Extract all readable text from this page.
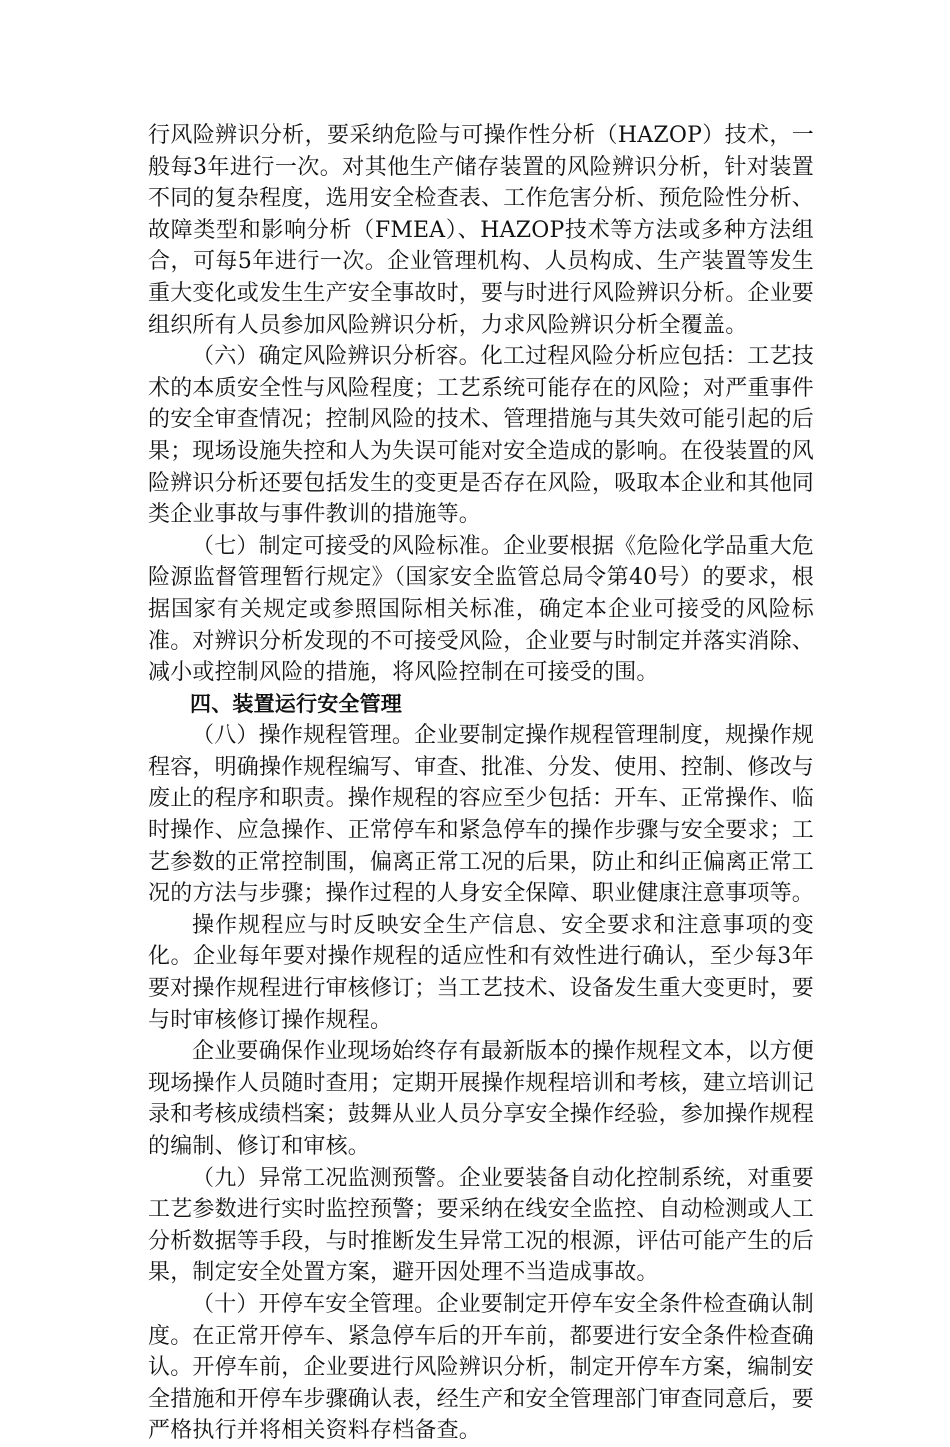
行风险辨识分析，要采纳危险与可操作性分析（HAZOP）技术，一般每3年进行一次。对其他生产储存装置的风险辨识分析，针对装置不同的复杂程度，选用安全检查表、工作危害分析、预危险性分析、故障类型和影响分析（FMEA）、HAZOP技术等方法或多种方法组合，可每5年进行一次。企业管理机构、人员构成、生产装置等发生重大变化或发生生产安全事故时，要与时进行风险辨识分析。企业要组织所有人员参加风险辨识分析，力求风险辨识分析全覆盖。

（六）确定风险辨识分析容。化工过程风险分析应包括：工艺技术的本质安全性与风险程度；工艺系统可能存在的风险；对严重事件的安全审查情况；控制风险的技术、管理措施与其失效可能引起的后果；现场设施失控和人为失误可能对安全造成的影响。在役装置的风险辨识分析还要包括发生的变更是否存在风险，吸取本企业和其他同类企业事故与事件教训的措施等。

（七）制定可接受的风险标准。企业要根据《危险化学品重大危险源监督管理暂行规定》（国家安全监管总局令第40号）的要求，根据国家有关规定或参照国际相关标准，确定本企业可接受的风险标准。对辨识分析发现的不可接受风险，企业要与时制定并落实消除、减小或控制风险的措施，将风险控制在可接受的围。

四、装置运行安全管理

（八）操作规程管理。企业要制定操作规程管理制度，规操作规程容，明确操作规程编写、审查、批准、分发、使用、控制、修改与废止的程序和职责。操作规程的容应至少包括：开车、正常操作、临时操作、应急操作、正常停车和紧急停车的操作步骤与安全要求；工艺参数的正常控制围，偏离正常工况的后果，防止和纠正偏离正常工况的方法与步骤；操作过程的人身安全保障、职业健康注意事项等。

操作规程应与时反映安全生产信息、安全要求和注意事项的变化。企业每年要对操作规程的适应性和有效性进行确认，至少每3年要对操作规程进行审核修订；当工艺技术、设备发生重大变更时，要与时审核修订操作规程。

企业要确保作业现场始终存有最新版本的操作规程文本，以方便现场操作人员随时查用；定期开展操作规程培训和考核，建立培训记录和考核成绩档案；鼓舞从业人员分享安全操作经验，参加操作规程的编制、修订和审核。

（九）异常工况监测预警。企业要装备自动化控制系统，对重要工艺参数进行实时监控预警；要采纳在线安全监控、自动检测或人工分析数据等手段，与时推断发生异常工况的根源，评估可能产生的后果，制定安全处置方案，避开因处理不当造成事故。

（十）开停车安全管理。企业要制定开停车安全条件检查确认制度。在正常开停车、紧急停车后的开车前，都要进行安全条件检查确认。开停车前，企业要进行风险辨识分析，制定开停车方案，编制安全措施和开停车步骤确认表，经生产和安全管理部门审查同意后，要严格执行并将相关资料存档备查。
